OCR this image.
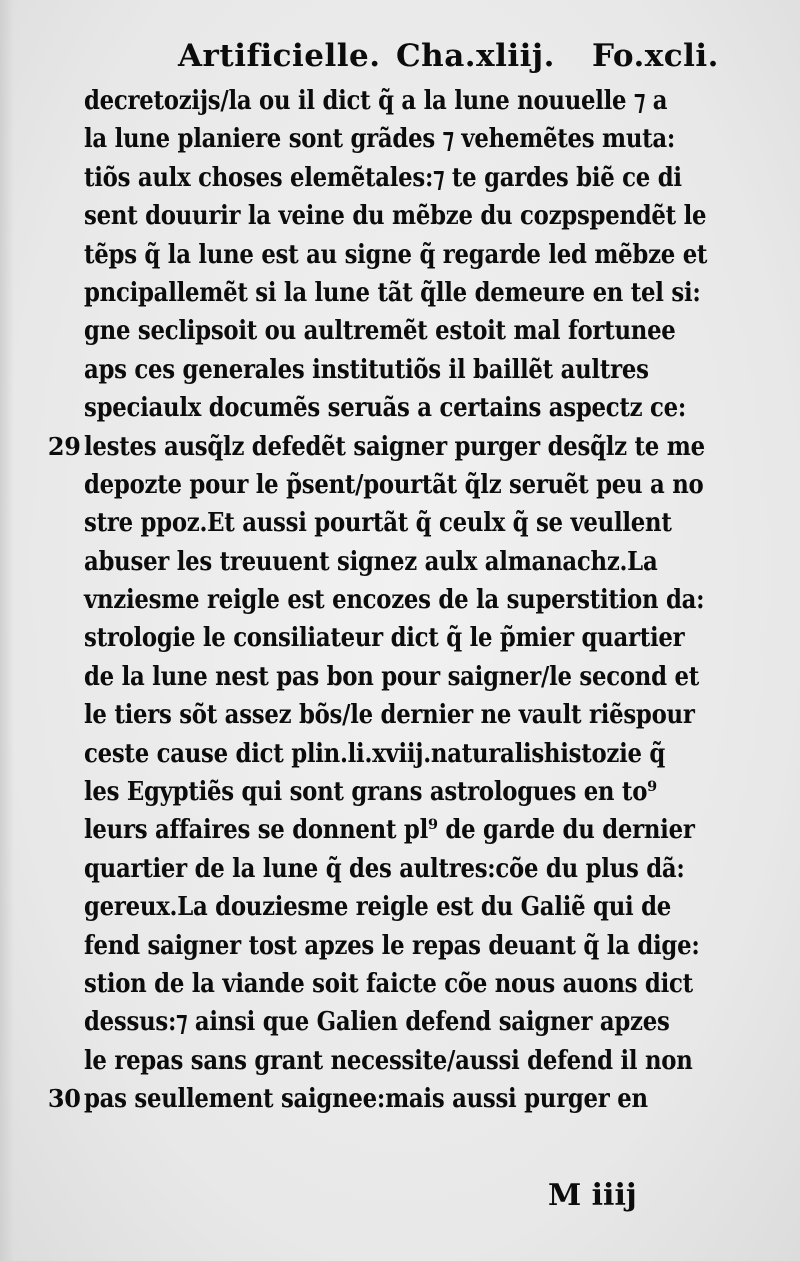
Artificielle. Cha.xliij. Fo.xcli.
decretozijs/la ou il dict q̃ a la lune nouuelle ⁊ a
la lune planiere sont grãdes ⁊ vehemẽtes muta:
tiõs aulx choses elemẽtales:⁊ te gardes biẽ ce di
sent douurir la veine du mẽbze du cozpspendẽt le
tẽps q̃ la lune est au signe q̃ regarde led mẽbze et
pncipallemẽt si la lune tãt q̃lle demeure en tel si:
gne seclipsoit ou aultremẽt estoit mal fortunee
aps ces generales institutiõs il baillẽt aultres
speciaulx documẽs seruãs a certains aspectz ce:
29 lestes ausq̃lz defedẽt saigner purger desq̃lz te me
depozte pour le p̃sent/pourtãt q̃lz seruẽt peu a no
stre ppoz.Et aussi pourtãt q̃ ceulx q̃ se veullent
abuser les treuuent signez aulx almanachz.La
vnziesme reigle est encozes de la superstition da:
strologie le consiliateur dict q̃ le p̃mier quartier
de la lune nest pas bon pour saigner/le second et
le tiers sõt assez bõs/le dernier ne vault riẽspour
ceste cause dict plin.li.xviij.naturalishistozie q̃
les Egyptiẽs qui sont grans astrologues en to⁹
leurs affaires se donnent pl⁹ de garde du dernier
quartier de la lune q̃ des aultres:cõe du plus dã:
gereux.La douziesme reigle est du Galiẽ qui de
fend saigner tost apzes le repas deuant q̃ la dige:
stion de la viande soit faicte cõe nous auons dict
dessus:⁊ ainsi que Galien defend saigner apzes
le repas sans grant necessite/aussi defend il non
30 pas seullement saignee:mais aussi purger en
M iiij
